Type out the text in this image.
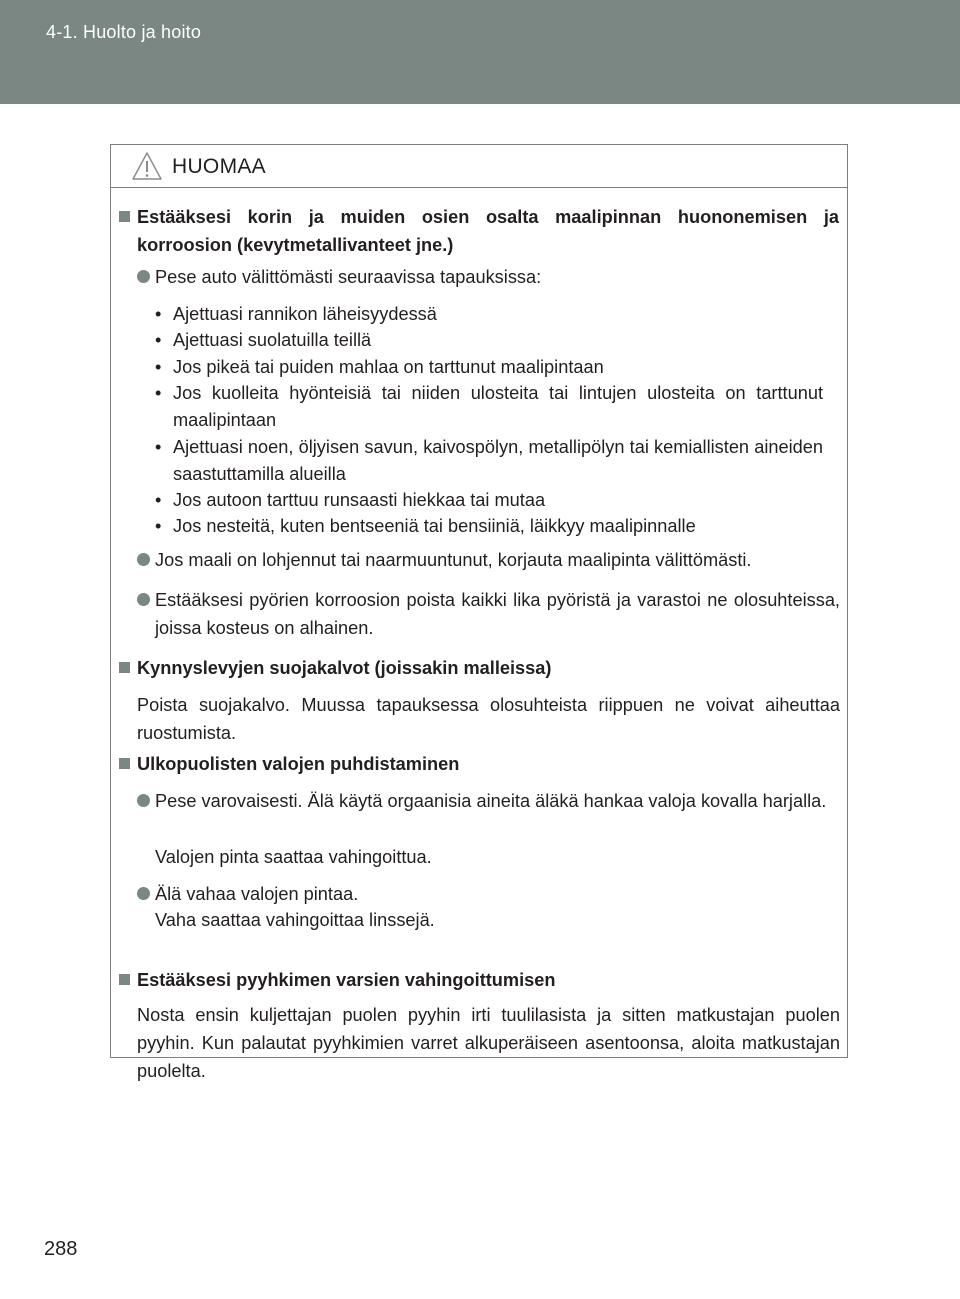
4-1. Huolto ja hoito
HUOMAA
Estääksesi korin ja muiden osien osalta maalipinnan huononemisen ja korroosion (kevytmetallivanteet jne.)
Pese auto välittömästi seuraavissa tapauksissa:
• Ajettuasi rannikon läheisyydessä
• Ajettuasi suolatuilla teillä
• Jos pikeä tai puiden mahlaa on tarttunut maalipintaan
• Jos kuolleita hyönteisiä tai niiden ulosteita tai lintujen ulosteita on tarttunut maalipintaan
• Ajettuasi noen, öljyisen savun, kaivospölyn, metallipölyn tai kemiallisten aineiden saastuttamilla alueilla
• Jos autoon tarttuu runsaasti hiekkaa tai mutaa
• Jos nesteitä, kuten bentseeniä tai bensiiniä, läikkyy maalipinnalle
Jos maali on lohjennut tai naarmuuntunut, korjauta maalipinta välittömästi.
Estääksesi pyörien korroosion poista kaikki lika pyöristä ja varastoi ne olosuhteissa, joissa kosteus on alhainen.
Kynnyslevyjen suojakalvot (joissakin malleissa)
Poista suojakalvo. Muussa tapauksessa olosuhteista riippuen ne voivat aiheuttaa ruostumista.
Ulkopuolisten valojen puhdistaminen
Pese varovaisesti. Älä käytä orgaanisia aineita äläkä hankaa valoja kovalla harjalla.
Valojen pinta saattaa vahingoittua.
Älä vahaa valojen pintaa.
Vaha saattaa vahingoittaa linssejä.
Estääksesi pyyhkimen varsien vahingoittumisen
Nosta ensin kuljettajan puolen pyyhin irti tuulilasista ja sitten matkustajan puolen pyyhin. Kun palautat pyyhkimien varret alkuperäiseen asentoonsa, aloita matkustajan puolelta.
288
